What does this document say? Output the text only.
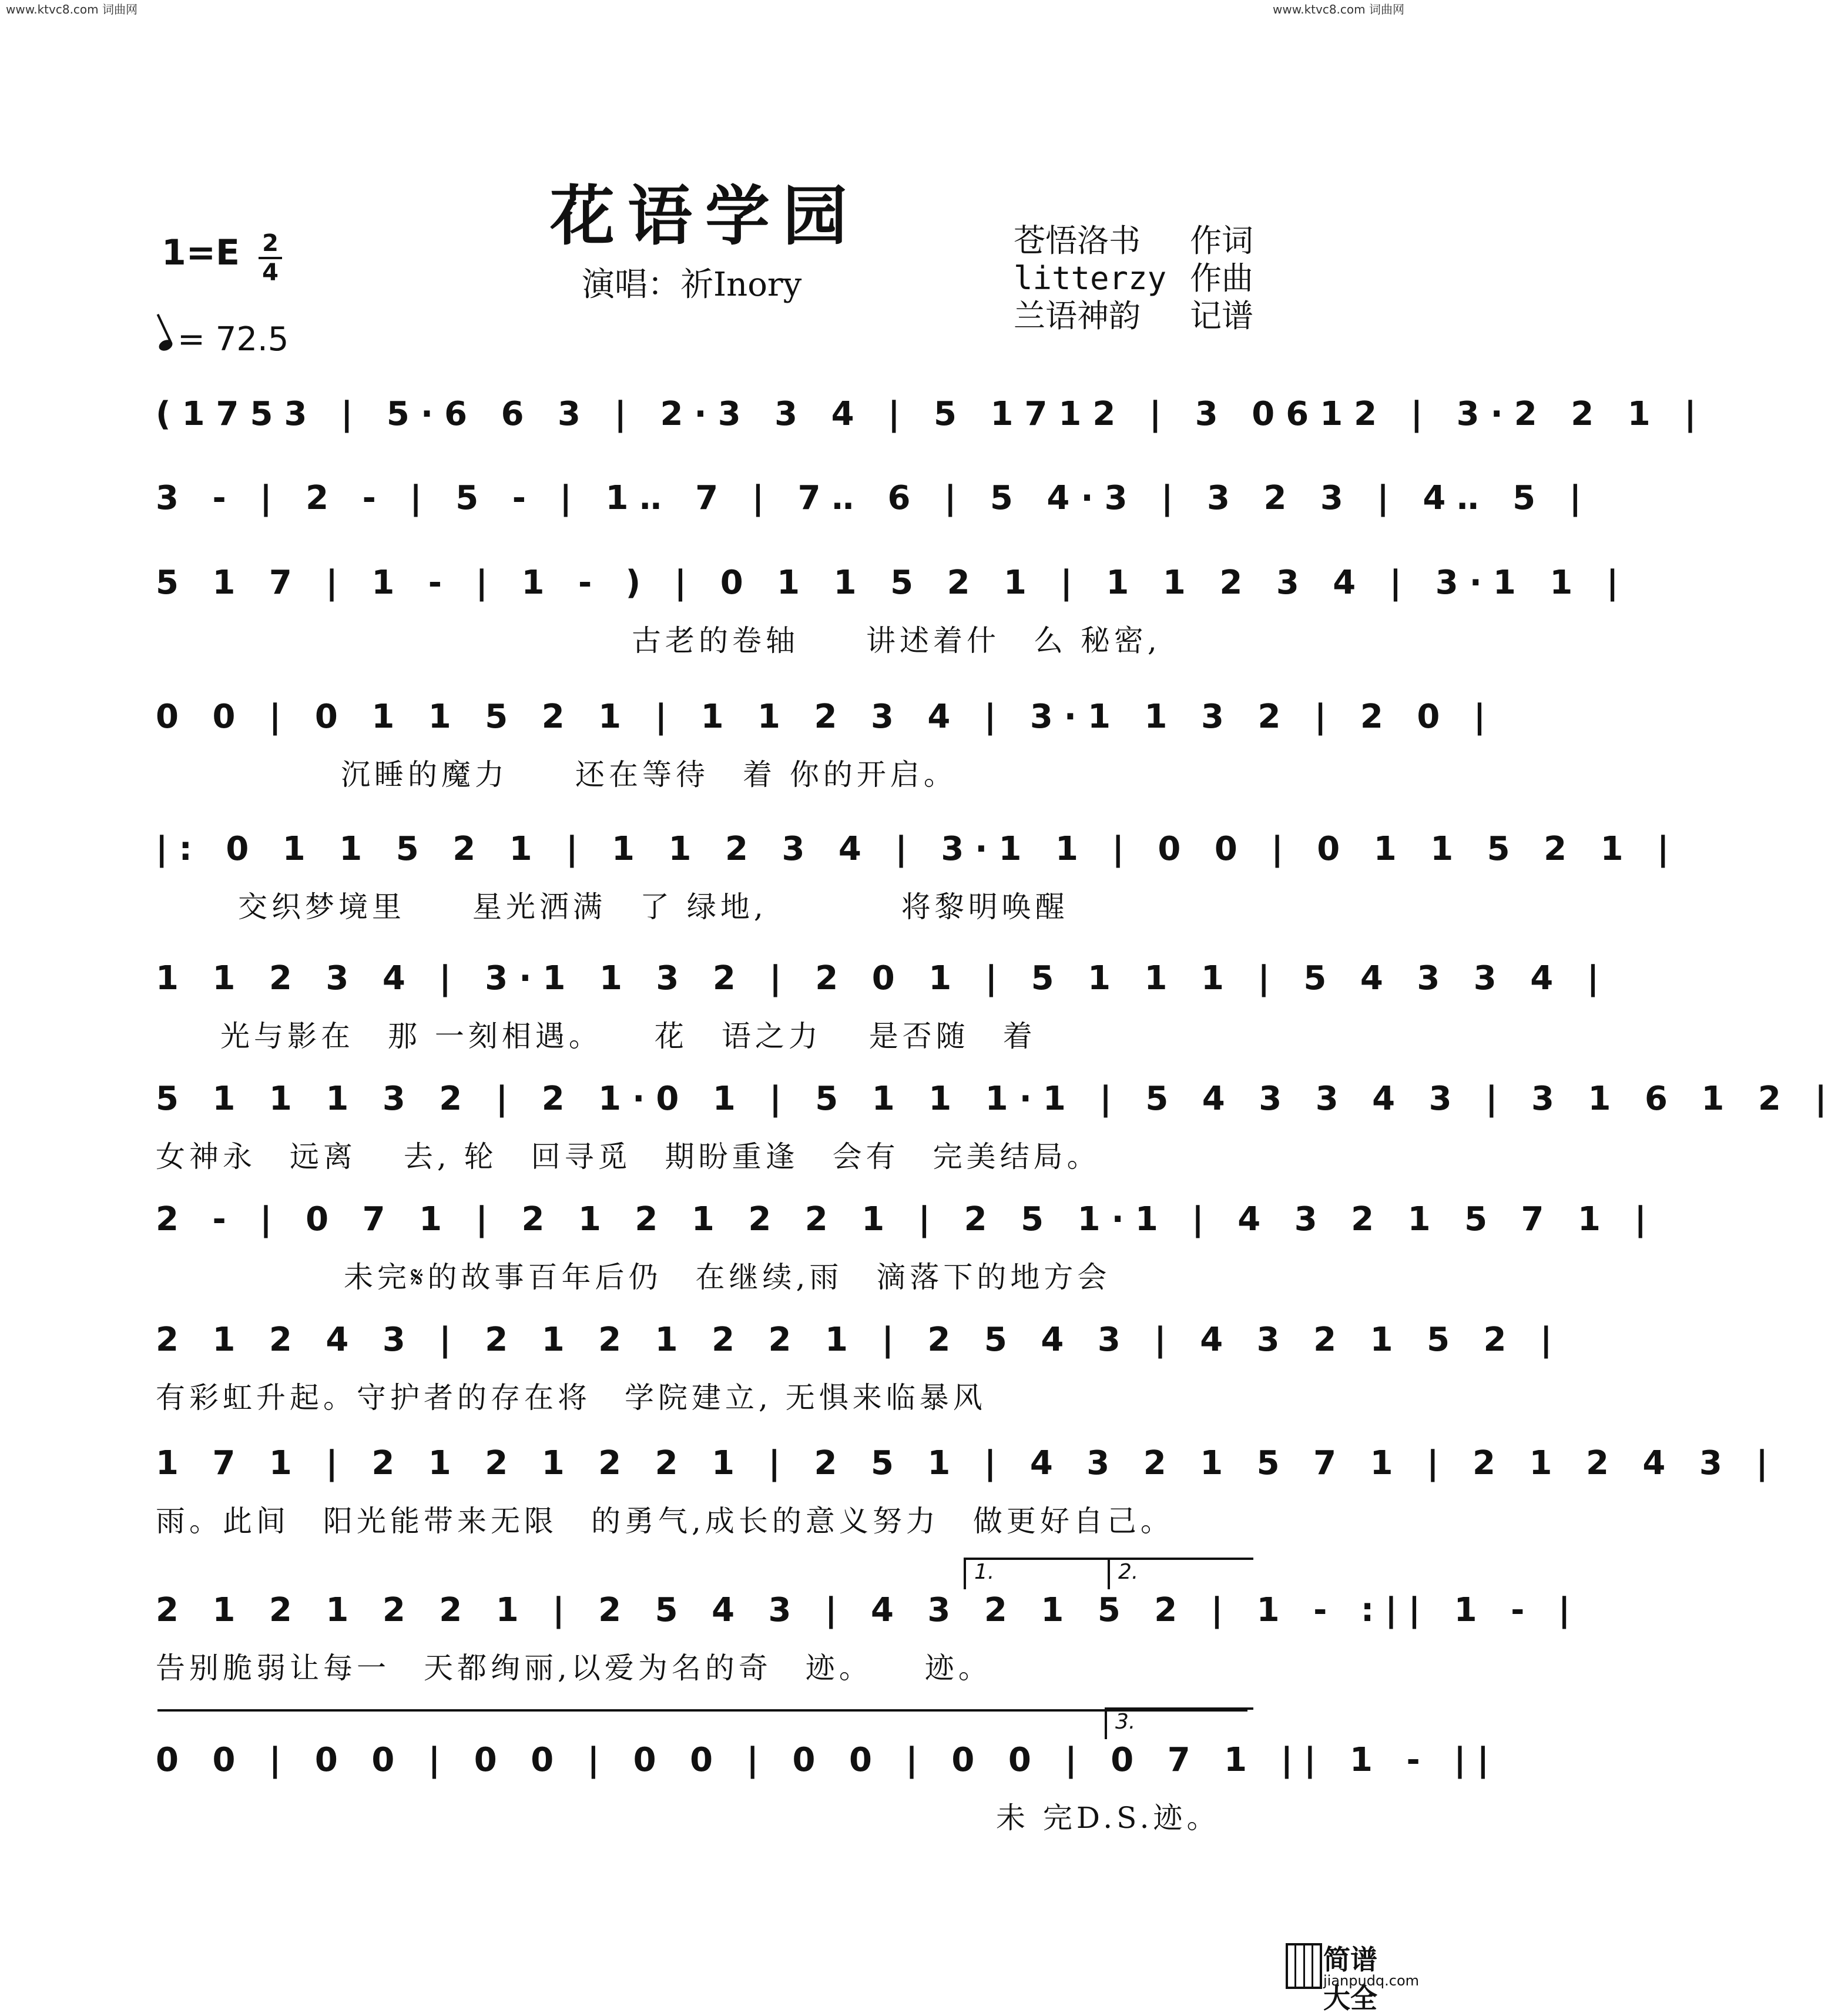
www.ktvc8.com 词曲网	www.ktvc8.com 词曲网
花语学园
演唱：祈Inory
1=E 2
4
= 72.5
苍悟洛书	作词
litterzy 作曲
兰语神韵	记谱
(1753 | 5·6 6 3 | 2·3 3 4 | 5 1712 | 3 0612 | 3·2 2 1 |
3 - | 2 - | 5 - | 1‥ 7 | 7‥ 6 | 5 4·3 | 3 2 3 | 4‥ 5 |
5 1 7 | 1 - | 1 - ) | 0 1 1 5 2 1 | 1 1 2 3 4 | 3·1 1 |
古老的卷轴　　讲述着什　么 秘密,
0 0 | 0 1 1 5 2 1 | 1 1 2 3 4 | 3·1 1 3 2 | 2 0 |
沉睡的魔力　　还在等待　着 你的开启。
|: 0 1 1 5 2 1 | 1 1 2 3 4 | 3·1 1 | 0 0 | 0 1 1 5 2 1 |
交织梦境里　　星光洒满　了 绿地,　　　　将黎明唤醒
1 1 2 3 4 | 3·1 1 3 2 | 2 0 1 | 5 1 1 1 | 5 4 3 3 4 |
光与影在　那 一刻相遇。　　花　语之力　 是否随　着
5 1 1 1 3 2 | 2 1·0 1 | 5 1 1 1·1 | 5 4 3 3 4 3 | 3 1 6 1 2 |
女神永　远离　 去, 轮　回寻觅　期盼重逢　会有　完美结局。
2 - | 0 7 1 | 2 1 2 1 2 2 1 | 2 5 1·1 | 4 3 2 1 5 7 1 |
未完𝄋的故事百年后仍　在继续,雨　滴落下的地方会
2 1 2 4 3 | 2 1 2 1 2 2 1 | 2 5 4 3 | 4 3 2 1 5 2 |
有彩虹升起。守护者的存在将　学院建立, 无惧来临暴风
1 7 1 | 2 1 2 1 2 2 1 | 2 5 1 | 4 3 2 1 5 7 1 | 2 1 2 4 3 |
雨。此间　阳光能带来无限　的勇气,成长的意义努力　做更好自己。
1.	2.
2 1 2 1 2 2 1 | 2 5 4 3 | 4 3 2 1 5 2 | 1 - :|| 1 - |
告别脆弱让每一　天都绚丽,以爱为名的奇　迹。　　迹。
3.
0 0 | 0 0 | 0 0 | 0 0 | 0 0 | 0 0 | 0 7 1 || 1 - ||
未 完D.S.迹。
简谱大全
jianpudq.com
